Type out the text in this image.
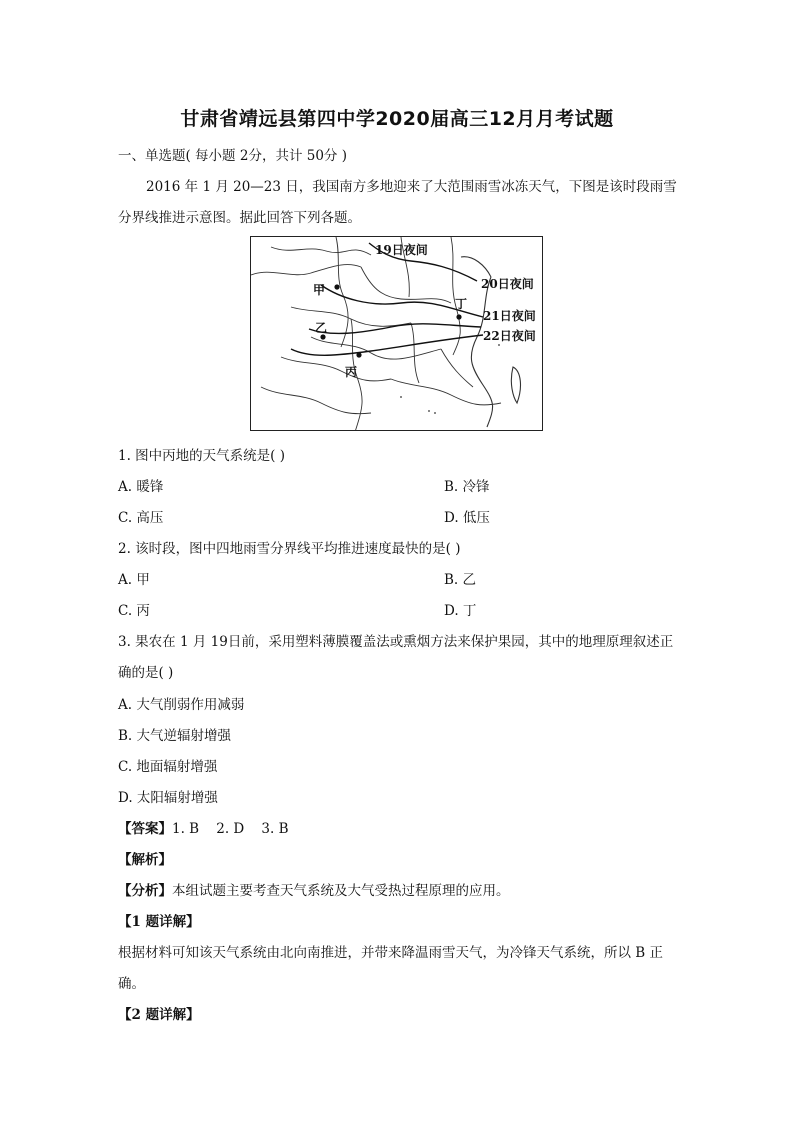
甘肃省靖远县第四中学2020届高三12月月考试题
一、单选题( 每小题 2分，共计 50分 )
2016 年 1 月 20—23 日，我国南方多地迎来了大范围雨雪冰冻天气，下图是该时段雨雪分界线推进示意图。据此回答下列各题。
19日夜间
20日夜间
21日夜间
22日夜间
甲
乙
丙
丁
1. 图中丙地的天气系统是( )
A. 暖锋	B. 冷锋
C. 高压	D. 低压
2. 该时段，图中四地雨雪分界线平均推进速度最快的是( )
A. 甲	B. 乙
C. 丙	D. 丁
3. 果农在 1 月 19日前，采用塑料薄膜覆盖法或熏烟方法来保护果园，其中的地理原理叙述正确的是( )
A. 大气削弱作用减弱
B. 大气逆辐射增强
C. 地面辐射增强
D. 太阳辐射增强
【答案】1. B    2. D    3. B
【解析】
【分析】本组试题主要考查天气系统及大气受热过程原理的应用。
【1 题详解】
根据材料可知该天气系统由北向南推进，并带来降温雨雪天气，为冷锋天气系统，所以 B 正确。
【2 题详解】
